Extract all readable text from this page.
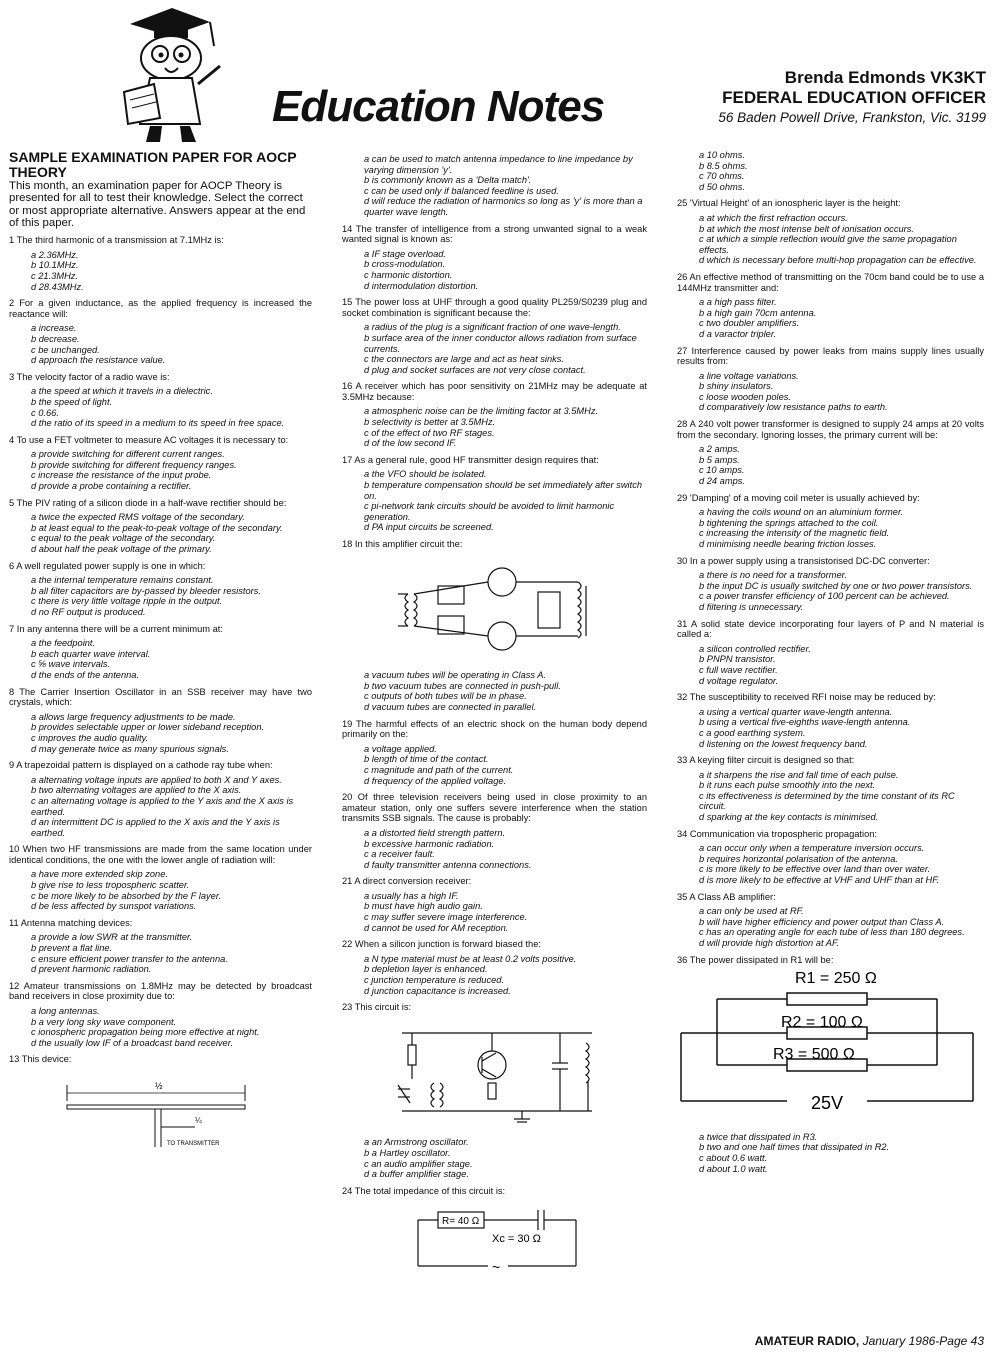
Education Notes
Brenda Edmonds VK3KT
FEDERAL EDUCATION OFFICER
56 Baden Powell Drive, Frankston, Vic. 3199
SAMPLE EXAMINATION PAPER FOR AOCP THEORY
This month, an examination paper for AOCP Theory is presented for all to test their knowledge. Select the correct or most appropriate alternative. Answers appear at the end of this paper.
1 The third harmonic of a transmission at 7.1MHz is:
a 2.36MHz.
b 10.1MHz.
c 21.3MHz.
d 28.43MHz.
2 For a given inductance, as the applied frequency is increased the reactance will:
a increase.
b decrease.
c be unchanged.
d approach the resistance value.
3 The velocity factor of a radio wave is:
a the speed at which it travels in a dielectric.
b the speed of light.
c 0.66.
d the ratio of its speed in a medium to its speed in free space.
4 To use a FET voltmeter to measure AC voltages it is necessary to:
a provide switching for different current ranges.
b provide switching for different frequency ranges.
c increase the resistance of the input probe.
d provide a probe containing a rectifier.
5 The PIV rating of a silicon diode in a half-wave rectifier should be:
a twice the expected RMS voltage of the secondary.
b at least equal to the peak-to-peak voltage of the secondary.
c equal to the peak voltage of the secondary.
d about half the peak voltage of the primary.
6 A well regulated power supply is one in which:
a the internal temperature remains constant.
b all filter capacitors are by-passed by bleeder resistors.
c there is very little voltage ripple in the output.
d no RF output is produced.
7 In any antenna there will be a current minimum at:
a the feedpoint.
b each quarter wave interval.
c ⅝ wave intervals.
d the ends of the antenna.
8 The Carrier Insertion Oscillator in an SSB receiver may have two crystals, which:
a allows large frequency adjustments to be made.
b provides selectable upper or lower sideband reception.
c improves the audio quality.
d may generate twice as many spurious signals.
9 A trapezoidal pattern is displayed on a cathode ray tube when:
a alternating voltage inputs are applied to both X and Y axes.
b two alternating voltages are applied to the X axis.
c an alternating voltage is applied to the Y axis and the X axis is earthed.
d an intermittent DC is applied to the X axis and the Y axis is earthed.
10 When two HF transmissions are made from the same location under identical conditions, the one with the lower angle of radiation will:
a have more extended skip zone.
b give rise to less tropospheric scatter.
c be more likely to be absorbed by the F layer.
d be less affected by sunspot variations.
11 Antenna matching devices:
a provide a low SWR at the transmitter.
b prevent a flat line.
c ensure efficient power transfer to the antenna.
d prevent harmonic radiation.
12 Amateur transmissions on 1.8MHz may be detected by broadcast band receivers in close proximity due to:
a long antennas.
b a very long sky wave component.
c ionospheric propagation being more effective at night.
d the usually low IF of a broadcast band receiver.
13 This device:
½
¼
TO TRANSMITTER
a can be used to match antenna impedance to line impedance by varying dimension 'y'.
b is commonly known as a 'Delta match'.
c can be used only if balanced feedline is used.
d will reduce the radiation of harmonics so long as 'y' is more than a quarter wave length.
14 The transfer of intelligence from a strong unwanted signal to a weak wanted signal is known as:
a IF stage overload.
b cross-modulation.
c harmonic distortion.
d intermodulation distortion.
15 The power loss at UHF through a good quality PL259/S0239 plug and socket combination is significant because the:
a radius of the plug is a significant fraction of one wave-length.
b surface area of the inner conductor allows radiation from surface currents.
c the connectors are large and act as heat sinks.
d plug and socket surfaces are not very close contact.
16 A receiver which has poor sensitivity on 21MHz may be adequate at 3.5MHz because:
a atmospheric noise can be the limiting factor at 3.5MHz.
b selectivity is better at 3.5MHz.
c of the effect of two RF stages.
d of the low second IF.
17 As a general rule, good HF transmitter design requires that:
a the VFO should be isolated.
b temperature compensation should be set immediately after switch on.
c pi-network tank circuits should be avoided to limit harmonic generation.
d PA input circuits be screened.
18 In this amplifier circuit the:
a vacuum tubes will be operating in Class A.
b two vacuum tubes are connected in push-pull.
c outputs of both tubes will be in phase.
d vacuum tubes are connected in parallel.
19 The harmful effects of an electric shock on the human body depend primarily on the:
a voltage applied.
b length of time of the contact.
c magnitude and path of the current.
d frequency of the applied voltage.
20 Of three television receivers being used in close proximity to an amateur station, only one suffers severe interference when the station transmits SSB signals. The cause is probably:
a a distorted field strength pattern.
b excessive harmonic radiation.
c a receiver fault.
d faulty transmitter antenna connections.
21 A direct conversion receiver:
a usually has a high IF.
b must have high audio gain.
c may suffer severe image interference.
d cannot be used for AM reception.
22 When a silicon junction is forward biased the:
a N type material must be at least 0.2 volts positive.
b depletion layer is enhanced.
c junction temperature is reduced.
d junction capacitance is increased.
23 This circuit is:
a an Armstrong oscillator.
b a Hartley oscillator.
c an audio amplifier stage.
d a buffer amplifier stage.
24 The total impedance of this circuit is:
R= 40 Ω
Xc = 30 Ω
~
a 10 ohms.
b 8.5 ohms.
c 70 ohms.
d 50 ohms.
25 'Virtual Height' of an ionospheric layer is the height:
a at which the first refraction occurs.
b at which the most intense belt of ionisation occurs.
c at which a simple reflection would give the same propagation effects.
d which is necessary before multi-hop propagation can be effective.
26 An effective method of transmitting on the 70cm band could be to use a 144MHz transmitter and:
a a high pass filter.
b a high gain 70cm antenna.
c two doubler amplifiers.
d a varactor tripler.
27 Interference caused by power leaks from mains supply lines usually results from:
a line voltage variations.
b shiny insulators.
c loose wooden poles.
d comparatively low resistance paths to earth.
28 A 240 volt power transformer is designed to supply 24 amps at 20 volts from the secondary. Ignoring losses, the primary current will be:
a 2 amps.
b 5 amps.
c 10 amps.
d 24 amps.
29 'Damping' of a moving coil meter is usually achieved by:
a having the coils wound on an aluminium former.
b tightening the springs attached to the coil.
c increasing the intensity of the magnetic field.
d minimising needle bearing friction losses.
30 In a power supply using a transistorised DC-DC converter:
a there is no need for a transformer.
b the input DC is usually switched by one or two power transistors.
c a power transfer efficiency of 100 percent can be achieved.
d filtering is unnecessary.
31 A solid state device incorporating four layers of P and N material is called a:
a silicon controlled rectifier.
b PNPN transistor.
c full wave rectifier.
d voltage regulator.
32 The susceptibility to received RFI noise may be reduced by:
a using a vertical quarter wave-length antenna.
b using a vertical five-eighths wave-length antenna.
c a good earthing system.
d listening on the lowest frequency band.
33 A keying filter circuit is designed so that:
a it sharpens the rise and fall time of each pulse.
b it runs each pulse smoothly into the next.
c its effectiveness is determined by the time constant of its RC circuit.
d sparking at the key contacts is minimised.
34 Communication via tropospheric propagation:
a can occur only when a temperature inversion occurs.
b requires horizontal polarisation of the antenna.
c is more likely to be effective over land than over water.
d is more likely to be effective at VHF and UHF than at HF.
35 A Class AB amplifier:
a can only be used at RF.
b will have higher efficiency and power output than Class A.
c has an operating angle for each tube of less than 180 degrees.
d will provide high distortion at AF.
36 The power dissipated in R1 will be:
R1 = 250 Ω
R2 = 100 Ω
R3 = 500 Ω
25V
a twice that dissipated in R3.
b two and one half times that dissipated in R2.
c about 0.6 watt.
d about 1.0 watt.
AMATEUR RADIO, January 1986-Page 43
